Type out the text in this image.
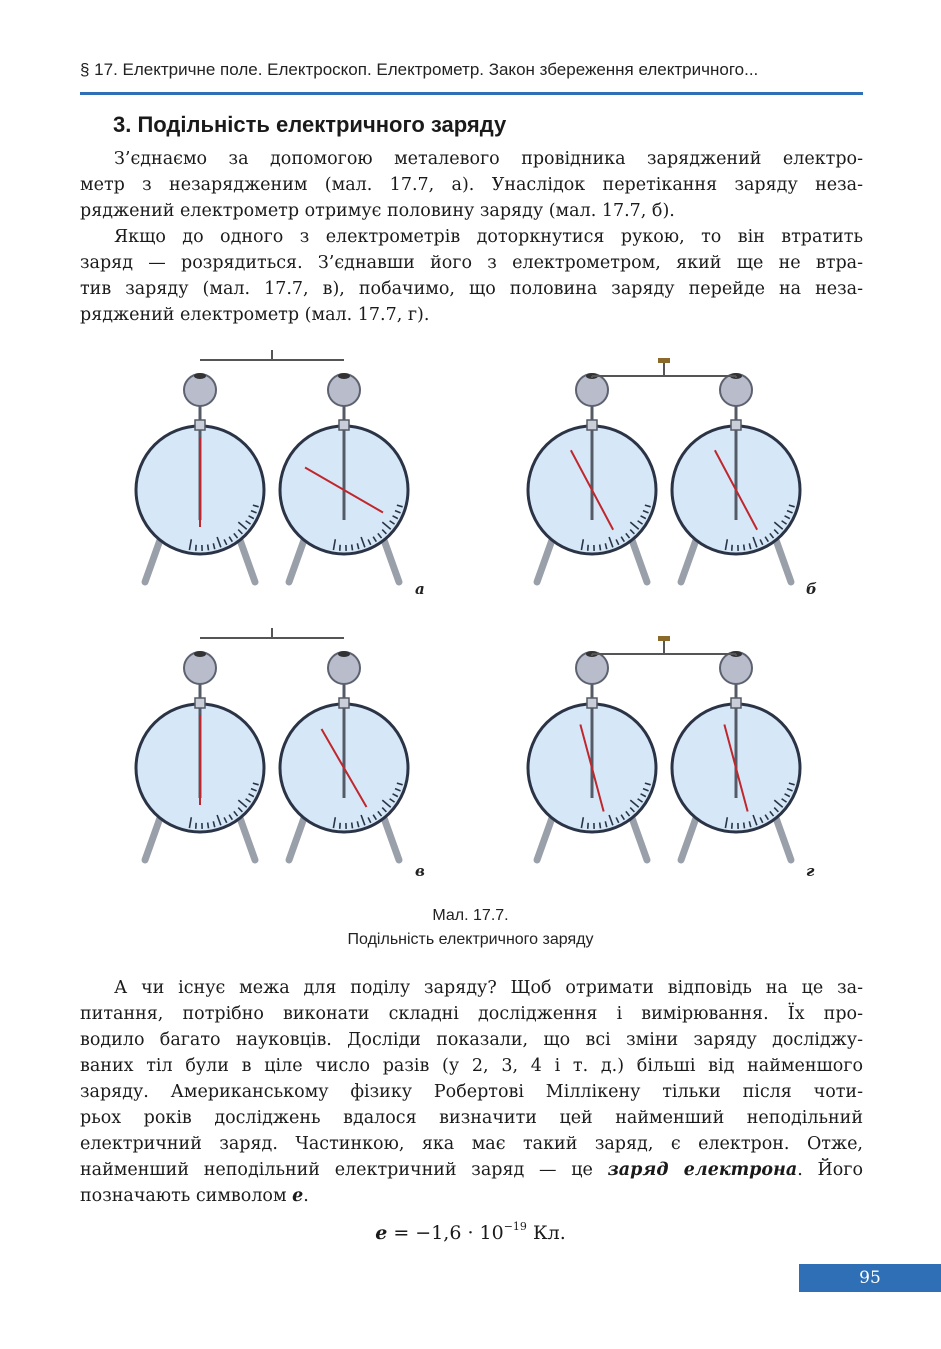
§ 17. Електричне поле. Електроскоп. Електрометр. Закон збереження електричного...
3. Подільність електричного заряду
З’єднаємо за допомогою металевого провідника заряджений електро-
метр з незарядженим (мал. 17.7, а). Унаслідок перетікання заряду неза-
ряджений електрометр отримує половину заряду (мал. 17.7, б).
Якщо до одного з електрометрів доторкнутися рукою, то він втратить
заряд — розрядиться. З’єднавши його з електрометром, який ще не втра-
тив заряду (мал. 17.7, в), побачимо, що половина заряду перейде на неза-
ряджений електрометр (мал. 17.7, г).
а	б
в	г
Мал. 17.7.
Подільність електричного заряду
А чи існує межа для поділу заряду? Щоб отримати відповідь на це за-
питання, потрібно виконати складні дослідження і вимірювання. Їх про-
водило багато науковців. Досліди показали, що всі зміни заряду досліджу-
ваних тіл були в ціле число разів (у 2, 3, 4 і т. д.) більші від найменшого
заряду. Американському фізику Робертові Міллікену тільки після чоти-
рьох років досліджень вдалося визначити цей найменший неподільний
електричний заряд. Частинкою, яка має такий заряд, є електрон. Отже,
найменший неподільний електричний заряд — це заряд електрона. Його
позначають символом e.
$e = -1,6 \cdot 10^{-19}$ Кл.
95
